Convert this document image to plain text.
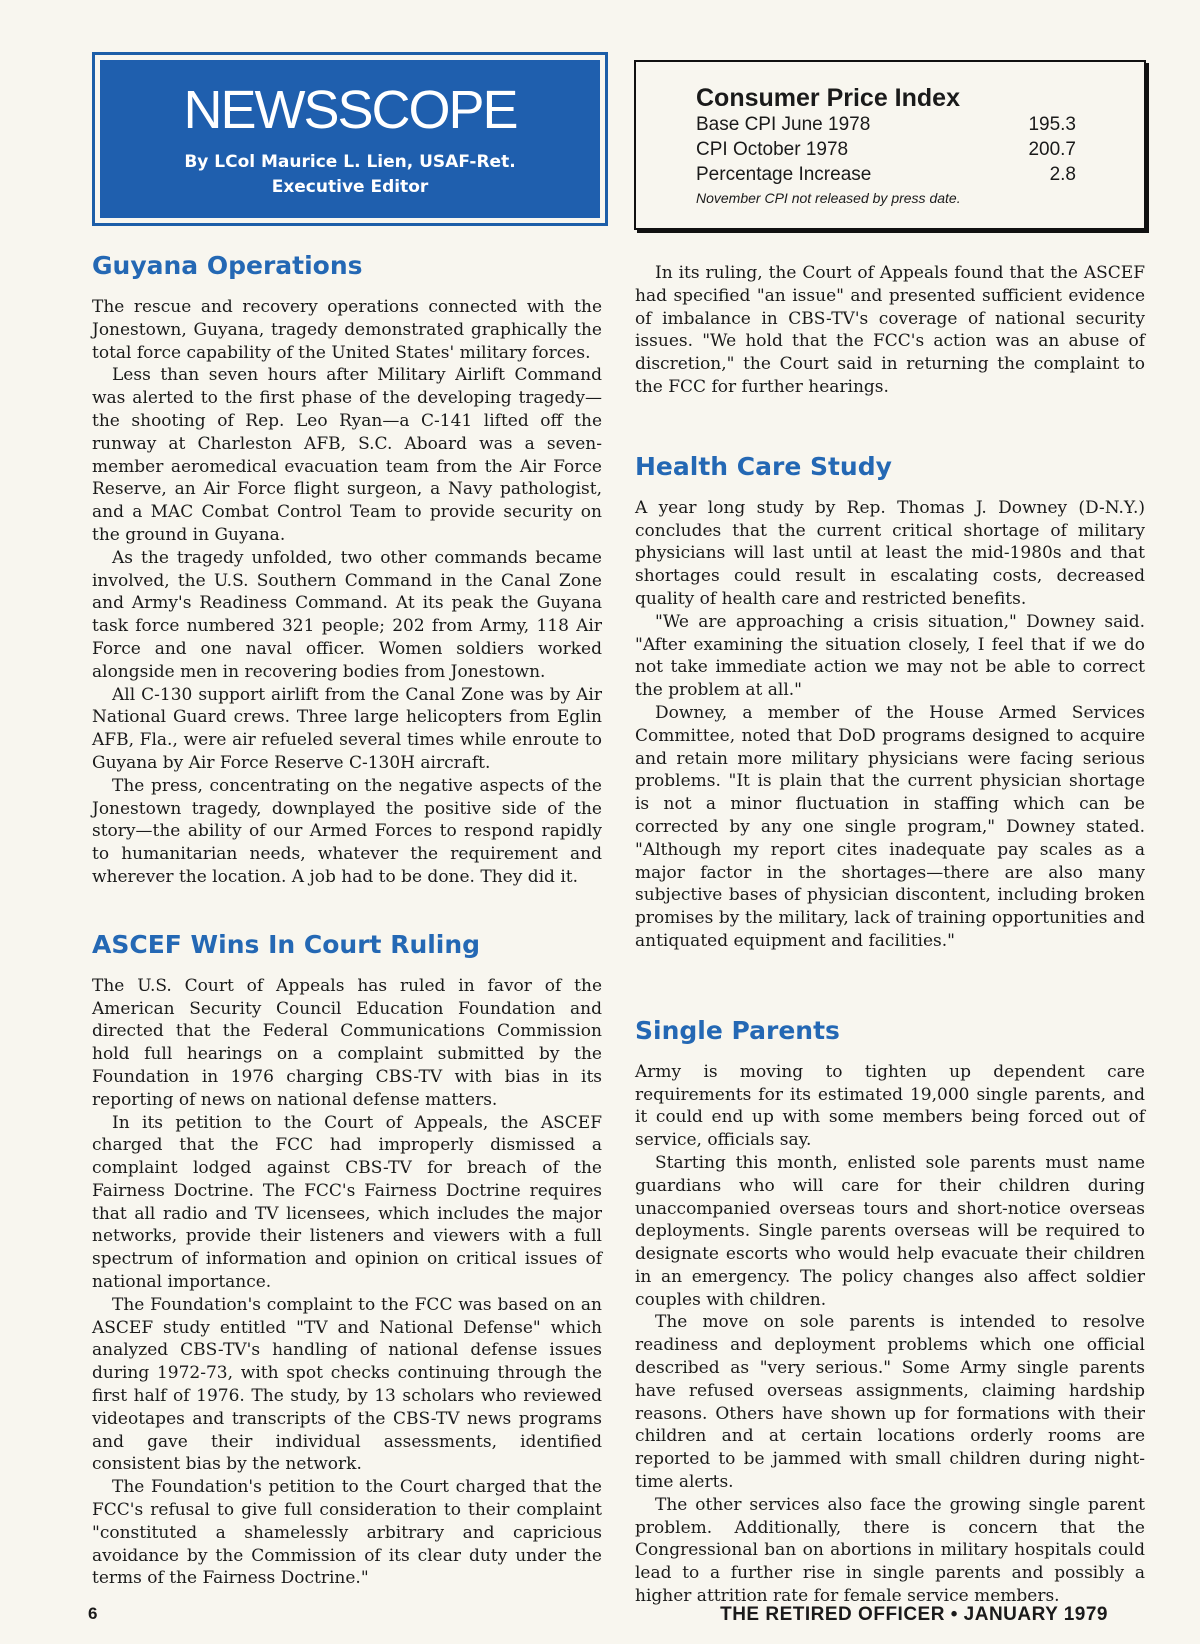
NEWSSCOPE
By LCol Maurice L. Lien, USAF-Ret.
Executive Editor
Consumer Price Index
Base CPI June 1978	195.3
CPI October 1978	200.7
Percentage Increase	2.8
November CPI not released by press date.
Guyana Operations

The rescue and recovery operations connected with the Jonestown, Guyana, tragedy demonstrated graphically the total force capability of the United States' military forces.

Less than seven hours after Military Airlift Command was alerted to the first phase of the developing tragedy—the shooting of Rep. Leo Ryan—a C-141 lifted off the runway at Charleston AFB, S.C. Aboard was a seven-member aeromedical evacuation team from the Air Force Reserve, an Air Force flight surgeon, a Navy pathologist, and a MAC Combat Control Team to provide security on the ground in Guyana.

As the tragedy unfolded, two other commands became involved, the U.S. Southern Command in the Canal Zone and Army's Readiness Command. At its peak the Guyana task force numbered 321 people; 202 from Army, 118 Air Force and one naval officer. Women soldiers worked alongside men in recovering bodies from Jonestown.

All C-130 support airlift from the Canal Zone was by Air National Guard crews. Three large helicopters from Eglin AFB, Fla., were air refueled several times while enroute to Guyana by Air Force Reserve C-130H aircraft.

The press, concentrating on the negative aspects of the Jonestown tragedy, downplayed the positive side of the story—the ability of our Armed Forces to respond rapidly to humanitarian needs, whatever the requirement and wherever the location. A job had to be done. They did it.

ASCEF Wins In Court Ruling

The U.S. Court of Appeals has ruled in favor of the American Security Council Education Foundation and directed that the Federal Communications Commission hold full hearings on a complaint submitted by the Foundation in 1976 charging CBS-TV with bias in its reporting of news on national defense matters.

In its petition to the Court of Appeals, the ASCEF charged that the FCC had improperly dismissed a complaint lodged against CBS-TV for breach of the Fairness Doctrine. The FCC's Fairness Doctrine requires that all radio and TV licensees, which includes the major networks, provide their listeners and viewers with a full spectrum of information and opinion on critical issues of national importance.

The Foundation's complaint to the FCC was based on an ASCEF study entitled "TV and National Defense" which analyzed CBS-TV's handling of national defense issues during 1972-73, with spot checks continuing through the first half of 1976. The study, by 13 scholars who reviewed videotapes and transcripts of the CBS-TV news programs and gave their individual assessments, identified consistent bias by the network.

The Foundation's petition to the Court charged that the FCC's refusal to give full consideration to their complaint "constituted a shamelessly arbitrary and capricious avoidance by the Commission of its clear duty under the terms of the Fairness Doctrine."

In its ruling, the Court of Appeals found that the ASCEF had specified "an issue" and presented sufficient evidence of imbalance in CBS-TV's coverage of national security issues. "We hold that the FCC's action was an abuse of discretion," the Court said in returning the complaint to the FCC for further hearings.

Health Care Study

A year long study by Rep. Thomas J. Downey (D-N.Y.) concludes that the current critical shortage of military physicians will last until at least the mid-1980s and that shortages could result in escalating costs, decreased quality of health care and restricted benefits.

"We are approaching a crisis situation," Downey said. "After examining the situation closely, I feel that if we do not take immediate action we may not be able to correct the problem at all."

Downey, a member of the House Armed Services Committee, noted that DoD programs designed to acquire and retain more military physicians were facing serious problems. "It is plain that the current physician shortage is not a minor fluctuation in staffing which can be corrected by any one single program," Downey stated. "Although my report cites inadequate pay scales as a major factor in the shortages—there are also many subjective bases of physician discontent, including broken promises by the military, lack of training opportunities and antiquated equipment and facilities."

Single Parents

Army is moving to tighten up dependent care requirements for its estimated 19,000 single parents, and it could end up with some members being forced out of service, officials say.

Starting this month, enlisted sole parents must name guardians who will care for their children during unaccompanied overseas tours and short-notice overseas deployments. Single parents overseas will be required to designate escorts who would help evacuate their children in an emergency. The policy changes also affect soldier couples with children.

The move on sole parents is intended to resolve readiness and deployment problems which one official described as "very serious." Some Army single parents have refused overseas assignments, claiming hardship reasons. Others have shown up for formations with their children and at certain locations orderly rooms are reported to be jammed with small children during night-time alerts.

The other services also face the growing single parent problem. Additionally, there is concern that the Congressional ban on abortions in military hospitals could lead to a further rise in single parents and possibly a higher attrition rate for female service members.

6	THE RETIRED OFFICER • JANUARY 1979
